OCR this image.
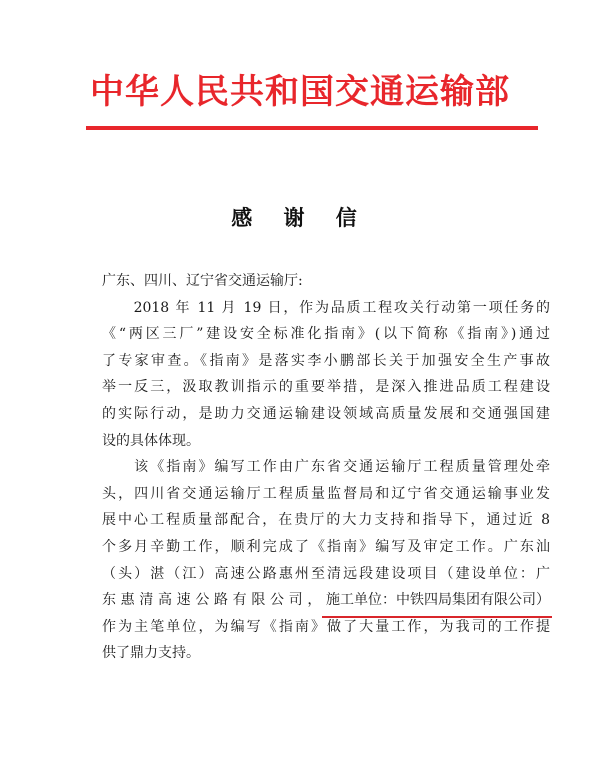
中华人民共和国交通运输部
感 谢 信
广东、四川、辽宁省交通运输厅:
　　2018 年 11 月 19 日，作为品质工程攻关行动第一项任务的
《“两区三厂”建设安全标准化指南》(以下简称《指南》)通过
了专家审查。《指南》是落实李小鹏部长关于加强安全生产事故
举一反三，汲取教训指示的重要举措，是深入推进品质工程建设
的实际行动，是助力交通运输建设领域高质量发展和交通强国建
设的具体体现。
　　该《指南》编写工作由广东省交通运输厅工程质量管理处牵
头，四川省交通运输厅工程质量监督局和辽宁省交通运输事业发
展中心工程质量部配合，在贵厅的大力支持和指导下，通过近 8
个多月辛勤工作，顺利完成了《指南》编写及审定工作。广东汕
（头）湛（江）高速公路惠州至清远段建设项目（建设单位：广
东惠清高速公路有限公司，施工单位：中铁四局集团有限公司）
作为主笔单位，为编写《指南》做了大量工作，为我司的工作提
供了鼎力支持。
